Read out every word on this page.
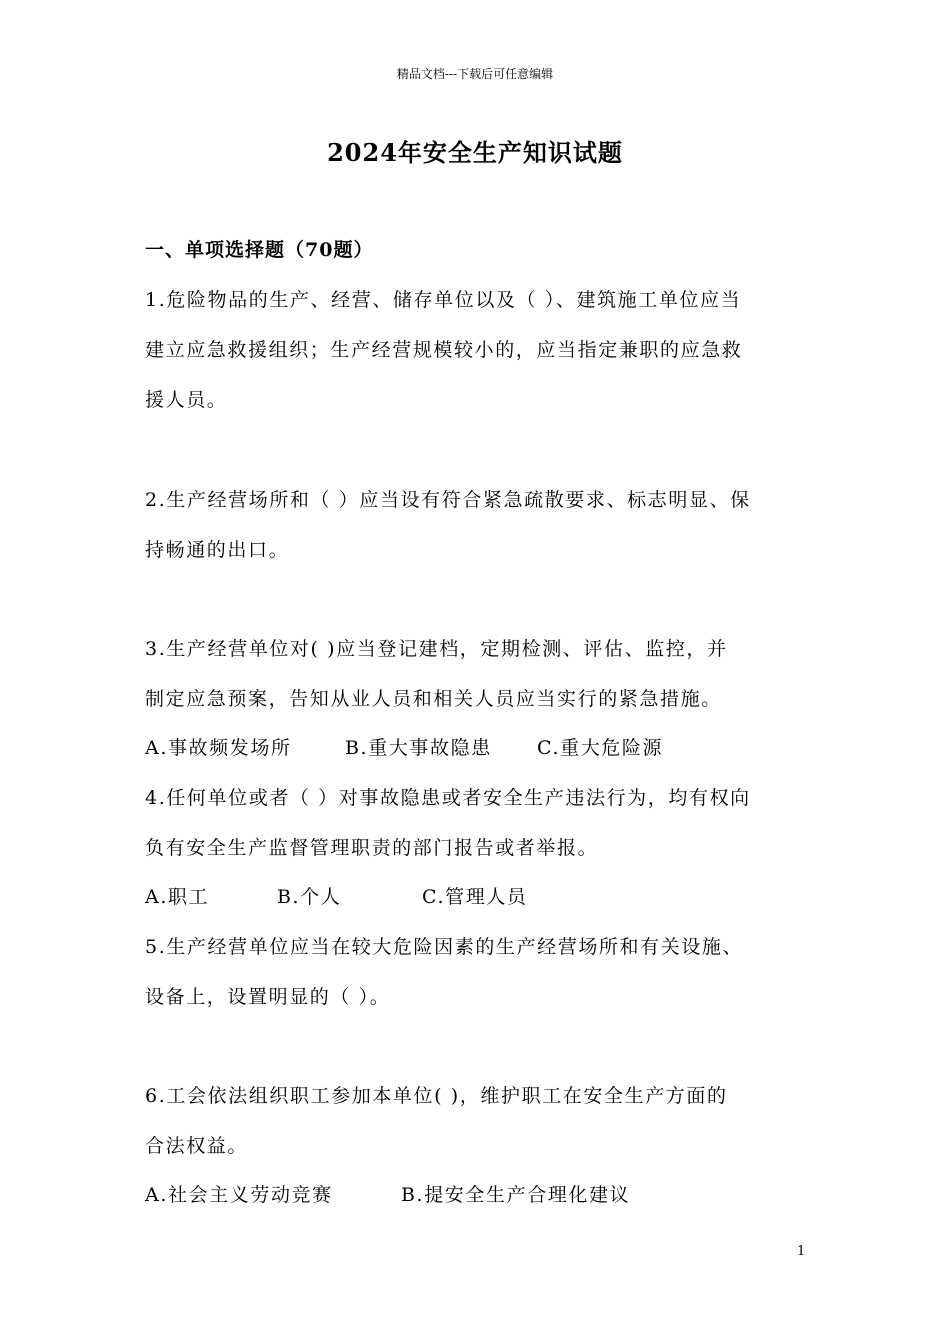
精品文档---下载后可任意编辑
2024年安全生产知识试题
一、单项选择题（70题）
1.危险物品的生产、经营、储存单位以及（ ）、建筑施工单位应当
建立应急救援组织；生产经营规模较小的，应当指定兼职的应急救
援人员。
2.生产经营场所和（ ）应当设有符合紧急疏散要求、标志明显、保
持畅通的出口。
3.生产经营单位对( )应当登记建档，定期检测、评估、监控，并
制定应急预案，告知从业人员和相关人员应当实行的紧急措施。
A.事故频发场所	B.重大事故隐患 C.重大危险源
4.任何单位或者（ ）对事故隐患或者安全生产违法行为，均有权向
负有安全生产监督管理职责的部门报告或者举报。
A.职工	B.个人	C.管理人员
5.生产经营单位应当在较大危险因素的生产经营场所和有关设施、
设备上，设置明显的（ ）。
6.工会依法组织职工参加本单位( )，维护职工在安全生产方面的
合法权益。
A.社会主义劳动竞赛	B.提安全生产合理化建议
1
